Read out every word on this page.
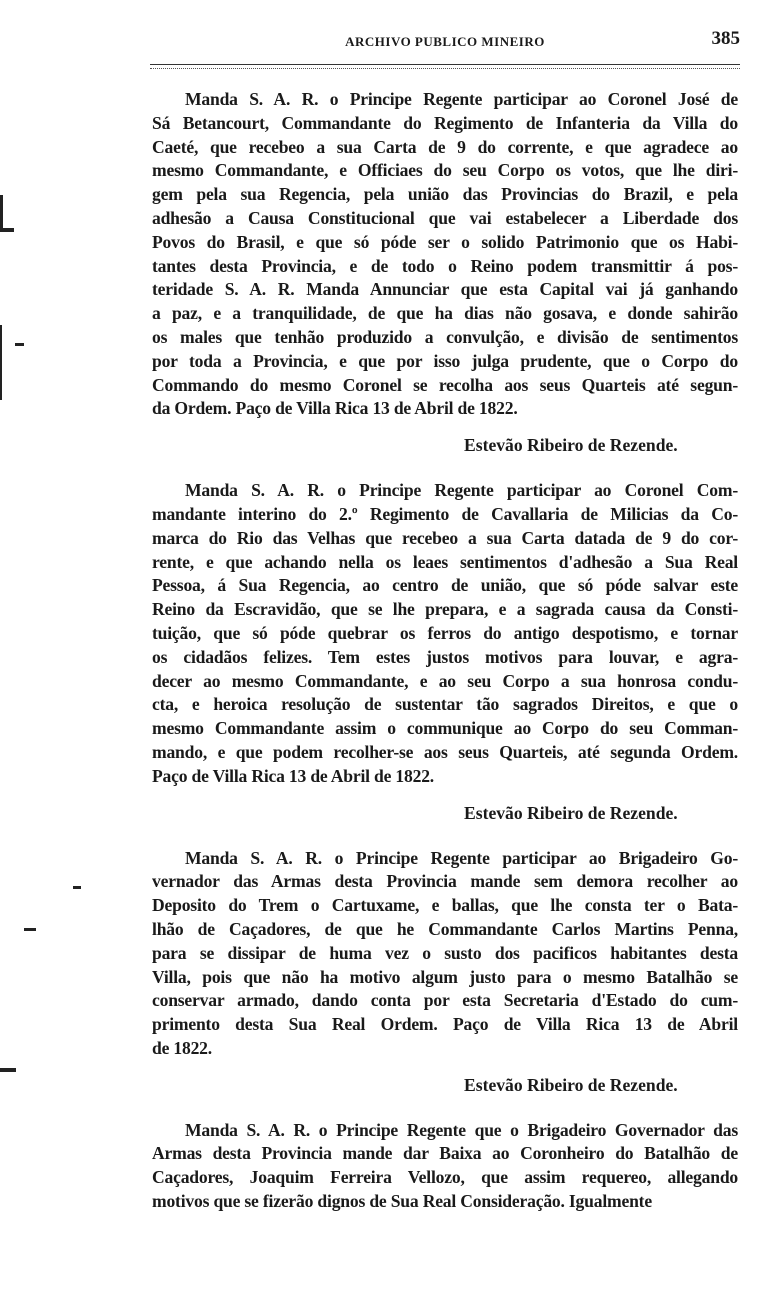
ARCHIVO PUBLICO MINEIRO	385
Manda S. A. R. o Principe Regente participar ao Coronel José de
Sá Betancourt, Commandante do Regimento de Infanteria da Villa do
Caeté, que recebeo a sua Carta de 9 do corrente, e que agradece ao
mesmo Commandante, e Officiaes do seu Corpo os votos, que lhe diri-
gem pela sua Regencia, pela união das Provincias do Brazil, e pela
adhesão a Causa Constitucional que vai estabelecer a Liberdade dos
Povos do Brasil, e que só póde ser o solido Patrimonio que os Habi-
tantes desta Provincia, e de todo o Reino podem transmittir á pos-
teridade S. A. R. Manda Annunciar que esta Capital vai já ganhando
a paz, e a tranquilidade, de que ha dias não gosava, e donde sahirão
os males que tenhão produzido a convulção, e divisão de sentimentos
por toda a Provincia, e que por isso julga prudente, que o Corpo do
Commando do mesmo Coronel se recolha aos seus Quarteis até segun-
da Ordem. Paço de Villa Rica 13 de Abril de 1822.
Estevão Ribeiro de Rezende.
Manda S. A. R. o Principe Regente participar ao Coronel Com-
mandante interino do 2.º Regimento de Cavallaria de Milicias da Co-
marca do Rio das Velhas que recebeo a sua Carta datada de 9 do cor-
rente, e que achando nella os leaes sentimentos d'adhesão a Sua Real
Pessoa, á Sua Regencia, ao centro de união, que só póde salvar este
Reino da Escravidão, que se lhe prepara, e a sagrada causa da Consti-
tuição, que só póde quebrar os ferros do antigo despotismo, e tornar
os cidadãos felizes. Tem estes justos motivos para louvar, e agra-
decer ao mesmo Commandante, e ao seu Corpo a sua honrosa condu-
cta, e heroica resolução de sustentar tão sagrados Direitos, e que o
mesmo Commandante assim o communique ao Corpo do seu Comman-
mando, e que podem recolher-se aos seus Quarteis, até segunda Ordem.
Paço de Villa Rica 13 de Abril de 1822.
Estevão Ribeiro de Rezende.
Manda S. A. R. o Principe Regente participar ao Brigadeiro Go-
vernador das Armas desta Provincia mande sem demora recolher ao
Deposito do Trem o Cartuxame, e ballas, que lhe consta ter o Bata-
lhão de Caçadores, de que he Commandante Carlos Martins Penna,
para se dissipar de huma vez o susto dos pacificos habitantes desta
Villa, pois que não ha motivo algum justo para o mesmo Batalhão se
conservar armado, dando conta por esta Secretaria d'Estado do cum-
primento desta Sua Real Ordem. Paço de Villa Rica 13 de Abril
de 1822.
Estevão Ribeiro de Rezende.
Manda S. A. R. o Principe Regente que o Brigadeiro Governador das
Armas desta Provincia mande dar Baixa ao Coronheiro do Batalhão de
Caçadores, Joaquim Ferreira Vellozo, que assim requereo, allegando
motivos que se fizerão dignos de Sua Real Consideração. Igualmente
